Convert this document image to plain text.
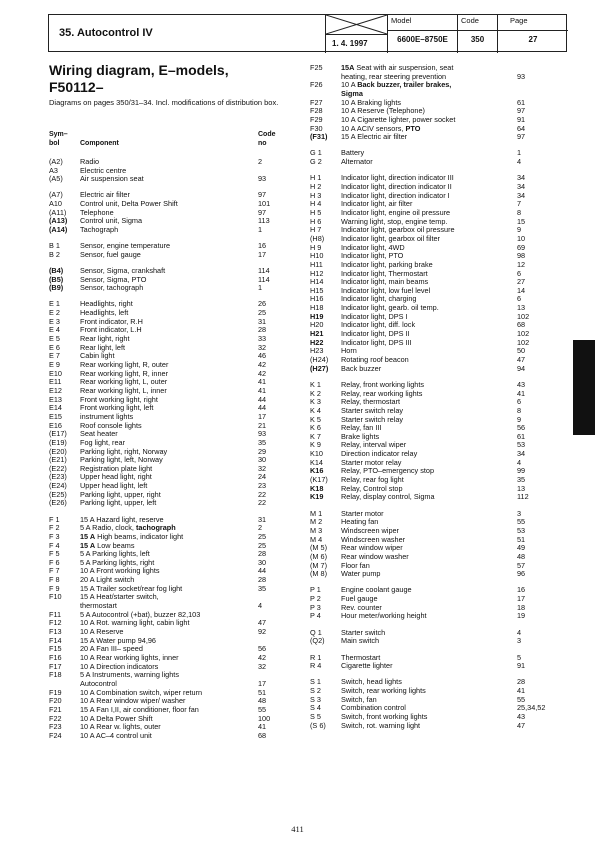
35. Autocontrol IV
1. 4. 1997
Model
6600E–8750E
Code
350
Page
27
Wiring diagram, E–models,
F50112–
Diagrams on pages 350/31–34. Incl. modifications of distribution box.
Sym–
bol	Component
Code
no
(A2) Radio	2
A3	Electric centre
(A5) Air suspension seat	93
(A7) Electric air filter	97
A10 Control unit, Delta Power Shift	101
(A11) Telephone	97
(A13) Control unit, Sigma	113
(A14) Tachograph	1
B 1	Sensor, engine temperature	16
B 2	Sensor, fuel gauge	17
(B4) Sensor, Sigma, crankshaft	114
(B5) Sensor, Sigma, PTO	114
(B9) Sensor, tachograph	1
E 1	Headlights, right	26
E 2	Headlights, left	25
E 3	Front indicator, R.H	31
E 4	Front indicator, L.H	28
E 5	Rear light, right	33
E 6	Rear light, left	32
E 7	Cabin light	46
E 9	Rear working light, R, outer	42
E10 Rear working light, R, inner	42
E11	Rear working light, L, outer	41
E12 Rear working light, L, inner	41
E13 Front working light, right	44
E14 Front working light, left	44
E15 instrument lights	17
E16 Roof console lights	21
(E17) Seat heater	93
(E19) Fog light, rear	35
(E20) Parking light, right, Norway	29
(E21) Parking light, left, Norway	30
(E22) Registration plate light	32
(E23) Upper head light, right	24
(E24) Upper head light, left	23
(E25) Parking light, upper, right	22
(E26) Parking light, upper, left	22
F 1	15 A Hazard light, reserve	31
F 2	5 A Radio, clock, tachograph	2
F 3	15 A High beams, indicator light	25
F 4	15 A Low beams	25
F 5	5 A Parking lights, left	28
F 6	5 A Parking lights, right	30
F 7	10 A Front working lights	44
F 8	20 A Light switch	28
F 9	15 A Trailer socket/rear fog light	35
F10	15 A Heat/starter switch,
thermostart	4
F11	5 A Autocontrol (+bat), buzzer 82,103
F12	10 A Rot. warning light, cabin light	47
F13	10 A Reserve	92
F14	15 A Water pump 94,96
F15	20 A Fan III– speed	56
F16	10 A Rear working lights, inner	42
F17	10 A Direction indicators	32
F18	5 A Instruments, warning lights
Autocontrol	17
F19	10 A Combination switch, wiper return	51
F20	10 A Rear window wiper/ washer	48
F21	15 A Fan I,II, air conditioner, floor fan	55
F22	10 A Delta Power Shift	100
F23	10 A Rear w. lights, outer	41
F24	10 A AC–4 control unit	68
F25	15A Seat with air suspension, seat
heating, rear steering prevention	93
F26	10 A Back buzzer, trailer brakes,
Sigma
F27	10 A Braking lights	61
F28	10 A Reserve (Telephone)	97
F29	10 A Cigarette lighter, power socket	91
F30	10 A ACIV sensors, PTO	64
(F31) 15 A Electric air filter	97
G 1	Battery	1
G 2	Alternator	4
H 1	Indicator light, direction indicator III	34
H 2	Indicator light, direction indicator II	34
H 3	Indicator light, direction indicator I	34
H 4	Indicator light, air filter	7
H 5	Indicator light, engine oil pressure	8
H 6	Warning light, stop, engine temp.	15
H 7	Indicator light, gearbox oil pressure	9
(H8) Indicator light, gearbox oil filter	10
H 9	Indicator light, 4WD	69
H10 Indicator light, PTO	98
H11 Indicator light, parking brake	12
H12 Indicator light, Thermostart	6
H14 Indicator light, main beams	27
H15 Indicator light, low fuel level	14
H16 Indicator light, charging	6
H18 Indicator light, gearb. oil temp.	13
H19 Indicator light, DPS I	102
H20 Indicator light, diff. lock	68
H21 Indicator light, DPS II	102
H22 Indicator light, DPS III	102
H23 Horn	50
(H24) Rotating roof beacon	47
(H27) Back buzzer	94
K 1	Relay, front working lights	43
K 2	Relay, rear working lights	41
K 3	Relay, thermostart	6
K 4	Starter switch relay	8
K 5	Starter switch relay	9
K 6	Relay, fan III	56
K 7	Brake lights	61
K 9	Relay, interval wiper	53
K10 Direction indicator relay	34
K14 Starter motor relay	4
K16 Relay, PTO–emergency stop	99
(K17) Relay, rear fog light	35
K18 Relay, Control stop	13
K19 Relay, display control, Sigma	112
M 1	Starter motor	3
M 2	Heating fan	55
M 3	Windscreen wiper	53
M 4	Windscreen washer	51
(M 5) Rear window wiper	49
(M 6) Rear window washer	48
(M 7) Floor fan	57
(M 8) Water pump	96
P 1	Engine coolant gauge	16
P 2	Fuel gauge	17
P 3	Rev. counter	18
P 4	Hour meter/working height	19
Q 1	Starter switch	4
(Q2) Main switch	3
R 1	Thermostart	5
R 4	Cigarette lighter	91
S 1	Switch, head lights	28
S 2	Switch, rear working lights	41
S 3	Switch, fan	55
S 4	Combination control	25,34,52
S 5	Switch, front working lights	43
(S 6) Switch, rot. warning light	47
411
